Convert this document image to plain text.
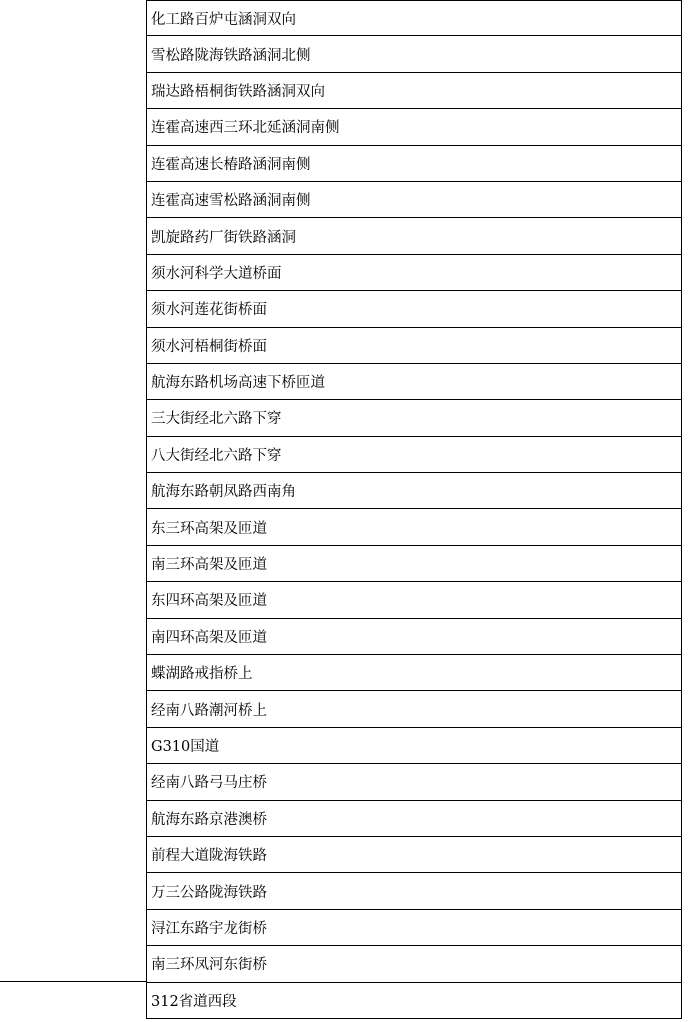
化工路百炉屯涵洞双向
雪松路陇海铁路涵洞北侧
瑞达路梧桐街铁路涵洞双向
连霍高速西三环北延涵洞南侧
连霍高速长椿路涵洞南侧
连霍高速雪松路涵洞南侧
凯旋路药厂街铁路涵洞
须水河科学大道桥面
须水河莲花街桥面
须水河梧桐街桥面
航海东路机场高速下桥匝道
三大街经北六路下穿
八大街经北六路下穿
航海东路朝凤路西南角
东三环高架及匝道
南三环高架及匝道
东四环高架及匝道
南四环高架及匝道
蝶湖路戒指桥上
经南八路潮河桥上
G310国道
经南八路弓马庄桥
航海东路京港澳桥
前程大道陇海铁路
万三公路陇海铁路
浔江东路宇龙街桥
南三环凤河东街桥
312省道西段
